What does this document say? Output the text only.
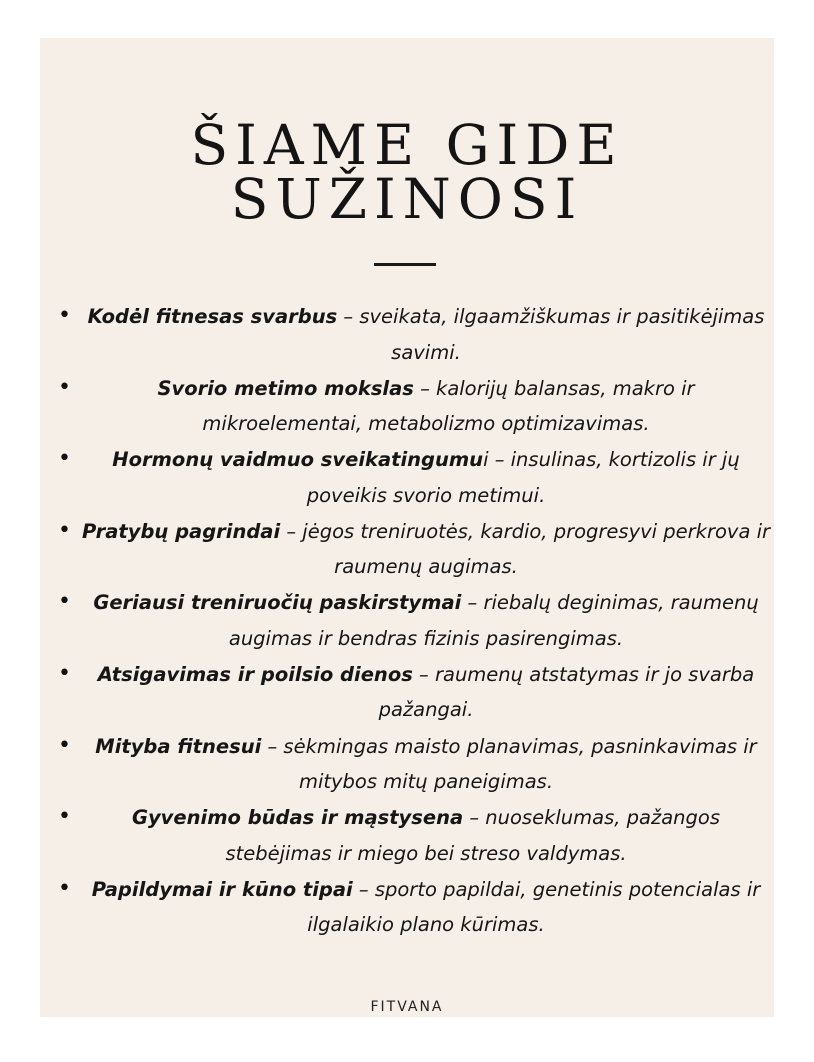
ŠIAME GIDE
SUŽINOSI
• Kodėl fitnesas svarbus – sveikata, ilgaamžiškumas ir pasitikėjimas savimi.
•	Svorio metimo mokslas – kalorijų balansas, makro ir mikroelementai, metabolizmo optimizavimas.
•	Hormonų vaidmuo sveikatingumui – insulinas, kortizolis ir jų poveikis svorio metimui.
• Pratybų pagrindai – jėgos treniruotės, kardio, progresyvi perkrova ir raumenų augimas.
•	Geriausi treniruočių paskirstymai – riebalų deginimas, raumenų augimas ir bendras fizinis pasirengimas.
•	Atsigavimas ir poilsio dienos – raumenų atstatymas ir jo svarba pažangai.
•	Mityba fitnesui – sėkmingas maisto planavimas, pasninkavimas ir mitybos mitų paneigimas.
•	Gyvenimo būdas ir mąstysena – nuoseklumas, pažangos stebėjimas ir miego bei streso valdymas.
•	Papildymai ir kūno tipai – sporto papildai, genetinis potencialas ir ilgalaikio plano kūrimas.
FITVANA
